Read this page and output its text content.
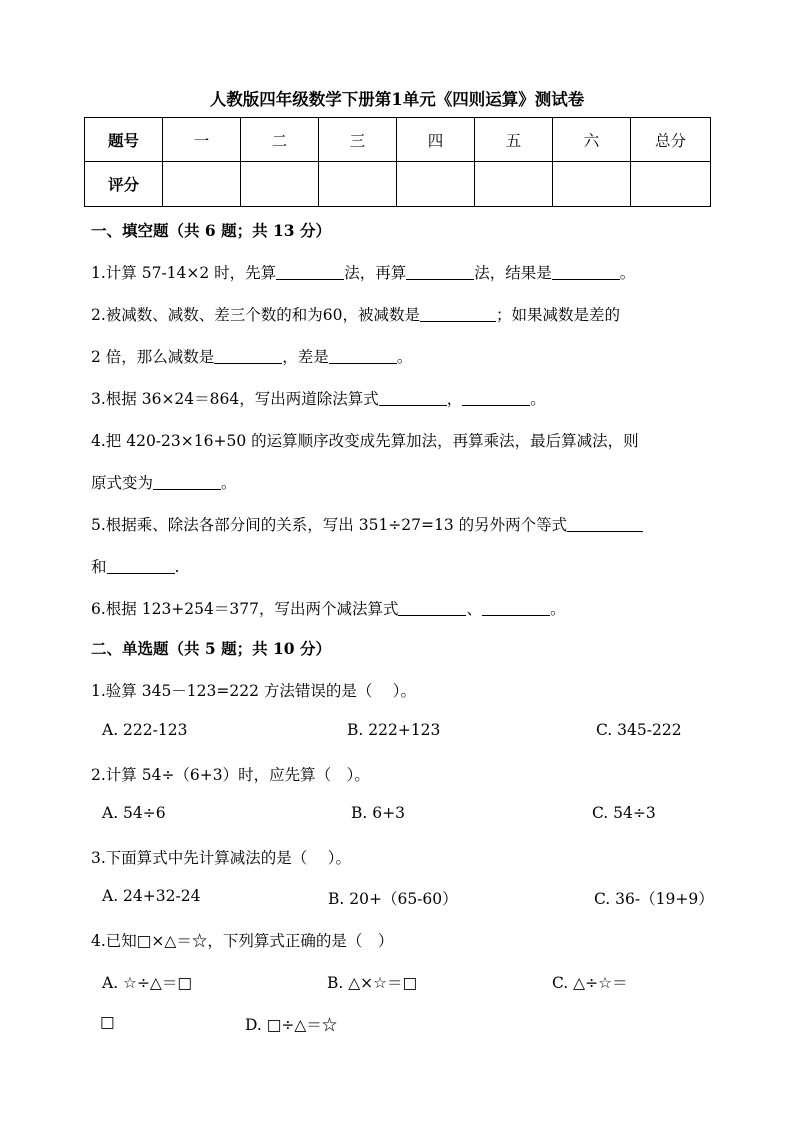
人教版四年级数学下册第1单元《四则运算》测试卷
题号	一	二	三	四	五	六	总分
评分							
一、填空题（共 6 题；共 13 分）
1.计算 57-14×2 时，先算	法，再算	法，结果是	。
2.被减数、减数、差三个数的和为60，被减数是	；如果减数是差的
2 倍，那么减数是	，差是	。
3.根据 36×24＝864，写出两道除法算式	，	。
4.把 420-23×16+50 的运算顺序改变成先算加法，再算乘法，最后算减法，则
原式变为	。
5.根据乘、除法各部分间的关系，写出 351÷27=13 的另外两个等式
和	.
6.根据 123+254＝377，写出两个减法算式	、	。
二、单选题（共 5 题；共 10 分）
1.验算 345－123=222 方法错误的是（　 ）。
A. 222-123	B. 222+123	C. 345-222
2.计算 54÷（6+3）时，应先算（　）。
A. 54÷6	B. 6+3	C. 54÷3
3.下面算式中先计算减法的是（　 ）。
A. 24+32-24	B. 20+（65-60）	C. 36-（19+9）
4.已知□×△＝☆，下列算式正确的是（　）
A. ☆÷△＝□	B. △×☆＝□	C. △÷☆＝
□	D. □÷△＝☆
